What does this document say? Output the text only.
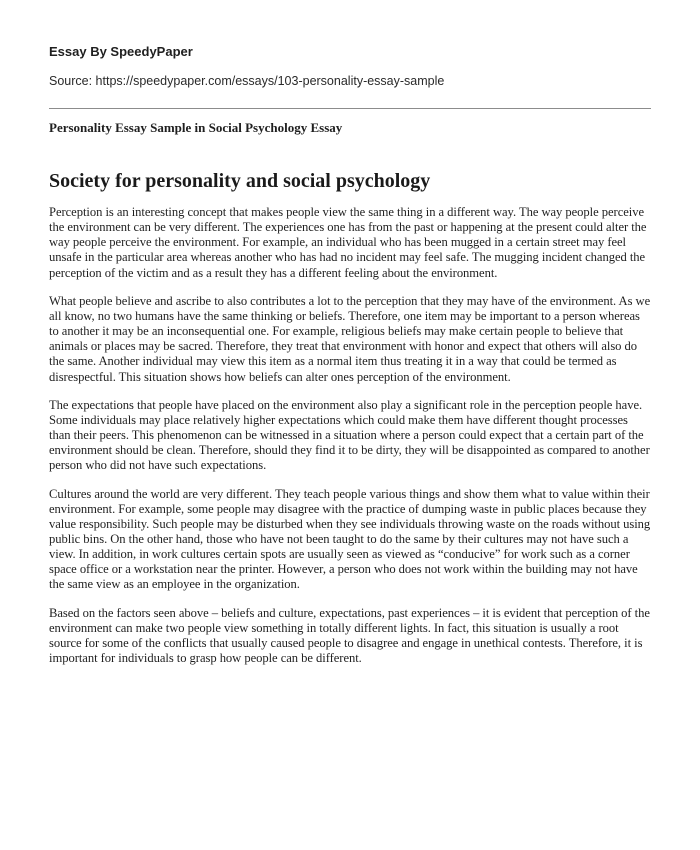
Essay By SpeedyPaper
Source: https://speedypaper.com/essays/103-personality-essay-sample
Personality Essay Sample in Social Psychology Essay
Society for personality and social psychology

Perception is an interesting concept that makes people view the same thing in a different way. The way people perceive the environment can be very different. The experiences one has from the past or happening at the present could alter the way people perceive the environment. For example, an individual who has been mugged in a certain street may feel unsafe in the particular area whereas another who has had no incident may feel safe. The mugging incident changed the perception of the victim and as a result they has a different feeling about the environment.

What people believe and ascribe to also contributes a lot to the perception that they may have of the environment. As we all know, no two humans have the same thinking or beliefs. Therefore, one item may be important to a person whereas to another it may be an inconsequential one. For example, religious beliefs may make certain people to believe that animals or places may be sacred. Therefore, they treat that environment with honor and expect that others will also do the same. Another individual may view this item as a normal item thus treating it in a way that could be termed as disrespectful. This situation shows how beliefs can alter ones perception of the environment.

The expectations that people have placed on the environment also play a significant role in the perception people have. Some individuals may place relatively higher expectations which could make them have different thought processes than their peers. This phenomenon can be witnessed in a situation where a person could expect that a certain part of the environment should be clean. Therefore, should they find it to be dirty, they will be disappointed as compared to another person who did not have such expectations.

Cultures around the world are very different. They teach people various things and show them what to value within their environment. For example, some people may disagree with the practice of dumping waste in public places because they value responsibility. Such people may be disturbed when they see individuals throwing waste on the roads without using public bins. On the other hand, those who have not been taught to do the same by their cultures may not have such a view. In addition, in work cultures certain spots are usually seen as viewed as “conducive” for work such as a corner space office or a workstation near the printer. However, a person who does not work within the building may not have the same view as an employee in the organization.

Based on the factors seen above – beliefs and culture, expectations, past experiences – it is evident that perception of the environment can make two people view something in totally different lights. In fact, this situation is usually a root source for some of the conflicts that usually caused people to disagree and engage in unethical contests. Therefore, it is important for individuals to grasp how people can be different.
